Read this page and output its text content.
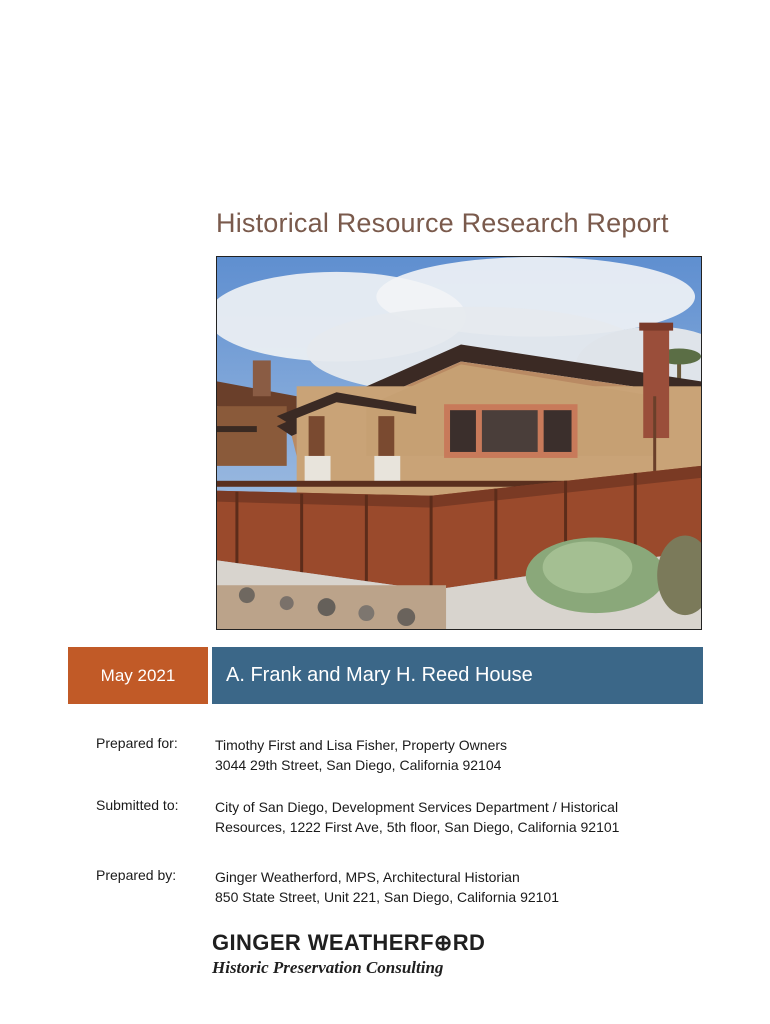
Historical Resource Research Report
May 2021	A. Frank and Mary H. Reed House
Prepared for:	Timothy First and Lisa Fisher, Property Owners
3044 29th Street, San Diego, California 92104
Submitted to:	City of San Diego, Development Services Department / Historical
Resources, 1222 First Ave, 5th floor, San Diego, California 92101
Prepared by:	Ginger Weatherford, MPS, Architectural Historian
850 State Street, Unit 221, San Diego, California 92101
GINGER WEATHERF⊕RD
Historic Preservation Consulting
